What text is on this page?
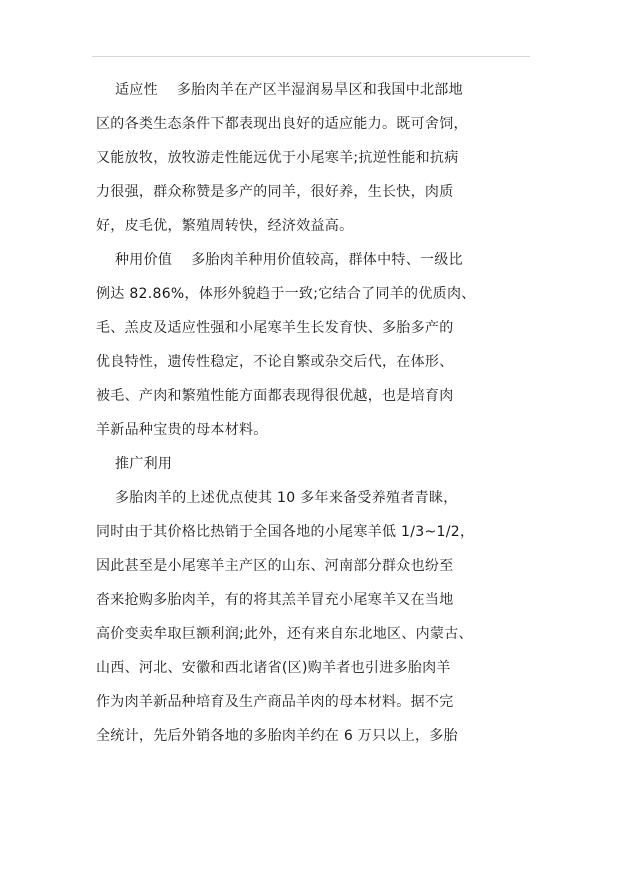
适应性    多胎肉羊在产区半湿润易旱区和我国中北部地
区的各类生态条件下都表现出良好的适应能力。既可舍饲，
又能放牧，放牧游走性能远优于小尾寒羊;抗逆性能和抗病
力很强，群众称赞是多产的同羊，很好养，生长快，肉质
好，皮毛优，繁殖周转快，经济效益高。
种用价值    多胎肉羊种用价值较高，群体中特、一级比
例达 82.86%，体形外貌趋于一致;它结合了同羊的优质肉、
毛、羔皮及适应性强和小尾寒羊生长发育快、多胎多产的
优良特性，遗传性稳定，不论自繁或杂交后代，在体形、
被毛、产肉和繁殖性能方面都表现得很优越，也是培育肉
羊新品种宝贵的母本材料。
推广利用
多胎肉羊的上述优点使其 10 多年来备受养殖者青睐，
同时由于其价格比热销于全国各地的小尾寒羊低 1/3~1/2，
因此甚至是小尾寒羊主产区的山东、河南部分群众也纷至
沓来抢购多胎肉羊，有的将其羔羊冒充小尾寒羊又在当地
高价变卖牟取巨额利润;此外，还有来自东北地区、内蒙古、
山西、河北、安徽和西北诸省(区)购羊者也引进多胎肉羊
作为肉羊新品种培育及生产商品羊肉的母本材料。据不完
全统计，先后外销各地的多胎肉羊约在 6 万只以上，多胎
